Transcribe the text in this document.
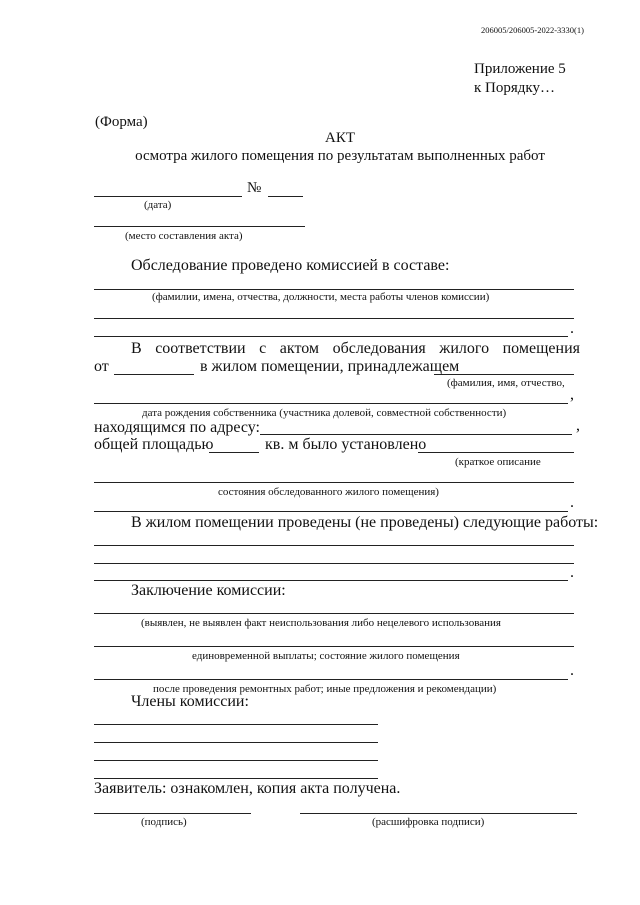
206005/206005-2022-3330(1)
Приложение 5
к Порядку…
(Форма)
АКТ
осмотра жилого помещения по результатам выполненных работ
№
(дата)
(место составления акта)
Обследование проведено комиссией в составе:
(фамилии, имена, отчества, должности, места работы членов комиссии)
.
В соответствии с актом обследования жилого помещения
от	в жилом помещении, принадлежащем
(фамилия, имя, отчество,
,
дата рождения собственника (участника долевой, совместной собственности)
находящимся по адресу:	,
общей площадью	кв. м было установлено
(краткое описание
состояния обследованного жилого помещения)
.
В жилом помещении проведены (не проведены) следующие работы:
.
Заключение комиссии:
(выявлен, не выявлен факт неиспользования либо нецелевого использования
единовременной выплаты; состояние жилого помещения
.
после проведения ремонтных работ; иные предложения и рекомендации)
Члены комиссии:
Заявитель: ознакомлен, копия акта получена.
(подпись)	(расшифровка подписи)
